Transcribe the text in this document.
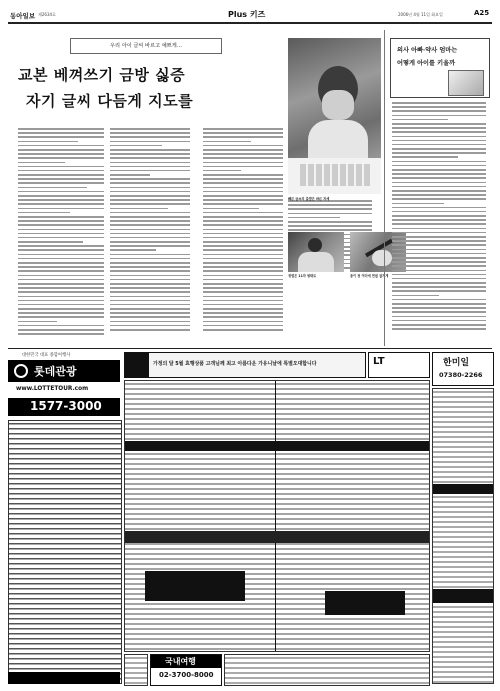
동아일보 제2634호	Plus 키즈	2006년 4월 11일 화요일	A25
우리 아이 글씨 바르고 예쁘게…
교본 베껴쓰기 금방 싫증
자기 글씨 다듬게 지도를
빼른 글씨의 출발은 바른 자세
정렬은 11자 형태로	종이 첫 여더에 연필 잡지게
의사 아빠·약사 엄마는
어떻게 아이를 키울까
대한민국 대표 종합여행사
롯데관광
www.LOTTETOUR.com
1577-3000
가정의 달 5월 효행상품 고객님께 최고 아름다운 가유니날에 특별오대합니다	LT	한미일
07380-2266
국내여행
02-3700-8000
